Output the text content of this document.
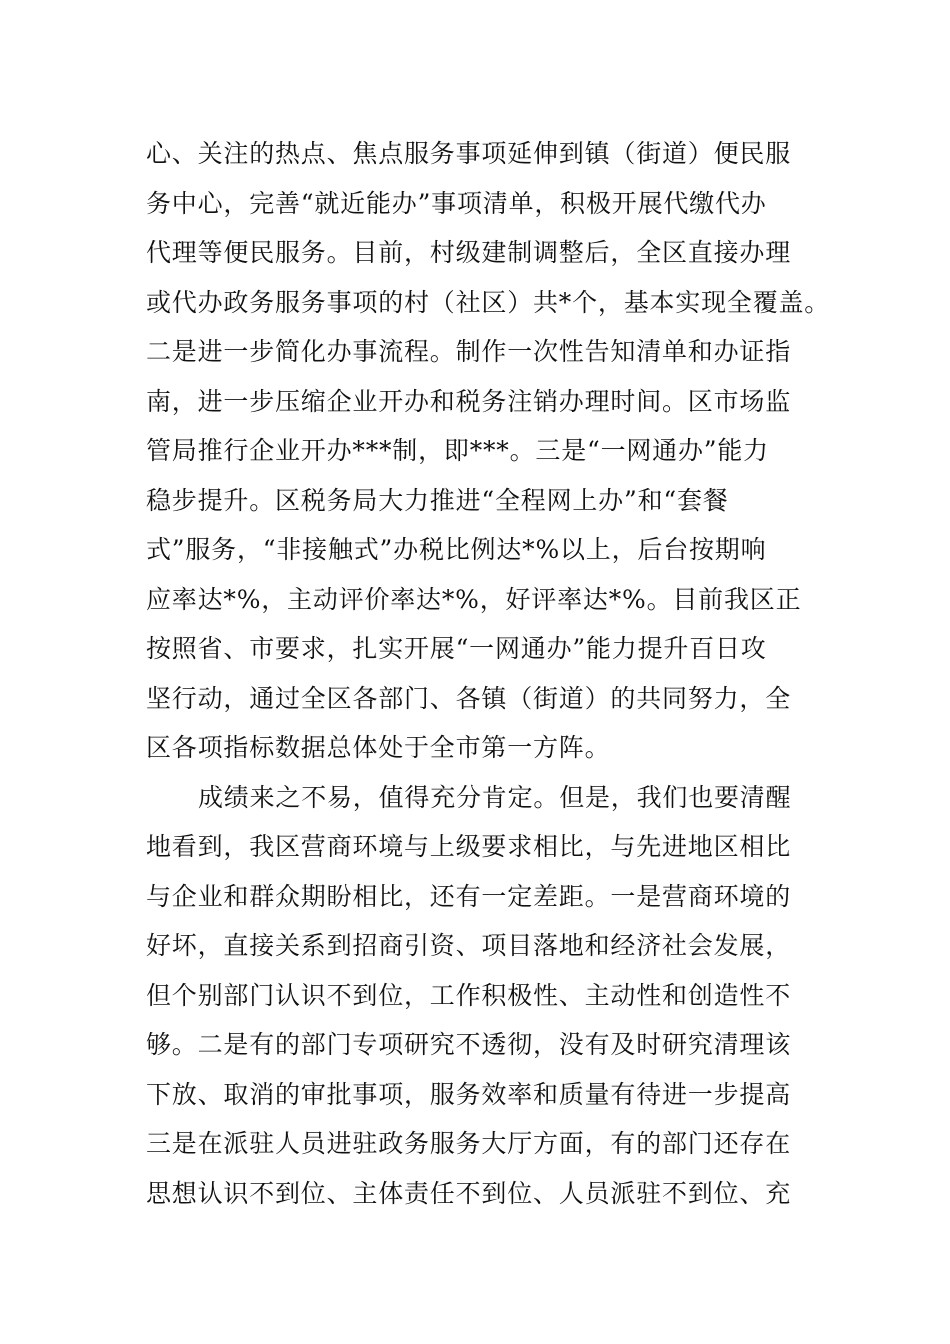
心、关注的热点、焦点服务事项延伸到镇（街道）便民服
务中心，完善“就近能办”事项清单，积极开展代缴代办
代理等便民服务。目前，村级建制调整后，全区直接办理
或代办政务服务事项的村（社区）共*个，基本实现全覆盖。
二是进一步简化办事流程。制作一次性告知清单和办证指
南，进一步压缩企业开办和税务注销办理时间。区市场监
管局推行企业开办***制，即***。三是“一网通办”能力
稳步提升。区税务局大力推进“全程网上办”和“套餐
式”服务，“非接触式”办税比例达*%以上，后台按期响
应率达*%，主动评价率达*%，好评率达*%。目前我区正
按照省、市要求，扎实开展“一网通办”能力提升百日攻
坚行动，通过全区各部门、各镇（街道）的共同努力，全
区各项指标数据总体处于全市第一方阵。
成绩来之不易，值得充分肯定。但是，我们也要清醒
地看到，我区营商环境与上级要求相比，与先进地区相比
与企业和群众期盼相比，还有一定差距。一是营商环境的
好坏，直接关系到招商引资、项目落地和经济社会发展，
但个别部门认识不到位，工作积极性、主动性和创造性不
够。二是有的部门专项研究不透彻，没有及时研究清理该
下放、取消的审批事项，服务效率和质量有待进一步提高
三是在派驻人员进驻政务服务大厅方面，有的部门还存在
思想认识不到位、主体责任不到位、人员派驻不到位、充
